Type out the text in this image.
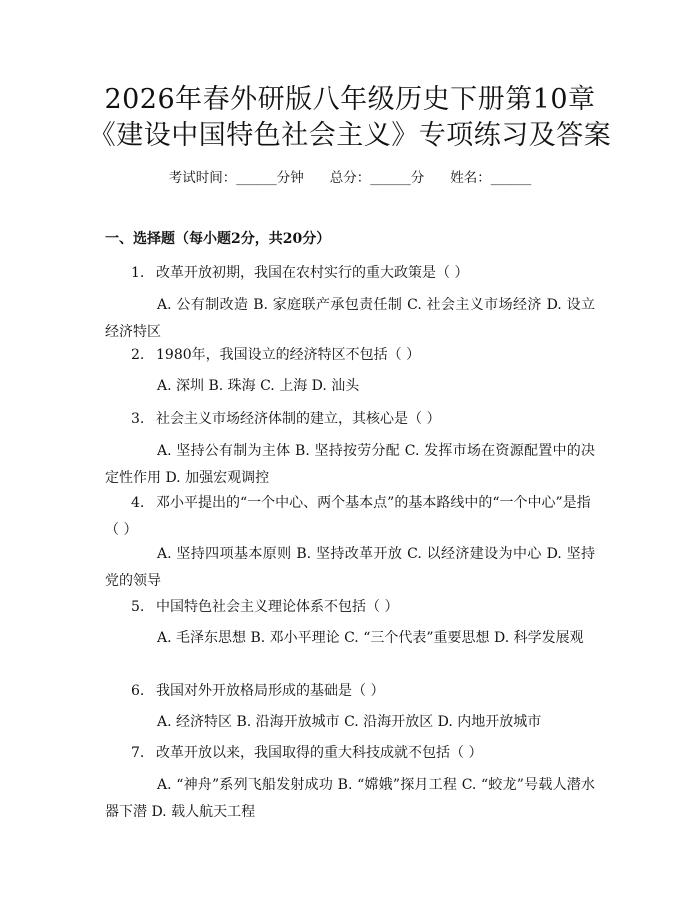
2026年春外研版八年级历史下册第10章
《建设中国特色社会主义》专项练习及答案
考试时间：______分钟 总分：______分 姓名：______
一、选择题（每小题2分，共20分）
1. 改革开放初期，我国在农村实行的重大政策是（ ）
A. 公有制改造 B. 家庭联产承包责任制 C. 社会主义市场经济 D. 设立经济特区
2. 1980年，我国设立的经济特区不包括（ ）
A. 深圳 B. 珠海 C. 上海 D. 汕头
3. 社会主义市场经济体制的建立，其核心是（ ）
A. 坚持公有制为主体 B. 坚持按劳分配 C. 发挥市场在资源配置中的决定性作用 D. 加强宏观调控
4. 邓小平提出的“一个中心、两个基本点”的基本路线中的“一个中心”是指（ ）
A. 坚持四项基本原则 B. 坚持改革开放 C. 以经济建设为中心 D. 坚持党的领导
5. 中国特色社会主义理论体系不包括（ ）
A. 毛泽东思想 B. 邓小平理论 C. “三个代表”重要思想 D. 科学发展观
6. 我国对外开放格局形成的基础是（ ）
A. 经济特区 B. 沿海开放城市 C. 沿海开放区 D. 内地开放城市
7. 改革开放以来，我国取得的重大科技成就不包括（ ）
A. “神舟”系列飞船发射成功 B. “嫦娥”探月工程 C. “蛟龙”号载人潜水器下潜 D. 载人航天工程
